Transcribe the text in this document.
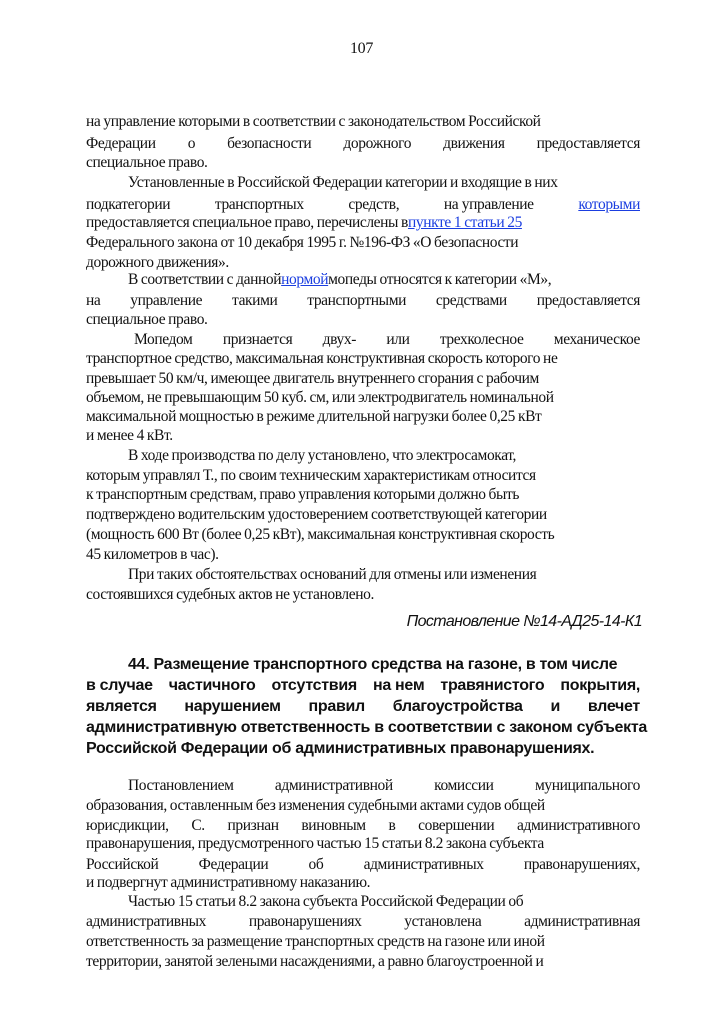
107
на управление которыми в соответствии с законодательством Российской
Федерации о безопасности дорожного движения предоставляется
специальное право.
Установленные в Российской Федерации категории и входящие в них
подкатегории	транспортных	средств,	на управление	которыми
предоставляется специальное право, перечислены впункте 1 статьи 25
Федерального закона от 10 декабря 1995 г. №196-ФЗ «О безопасности
дорожного движения».
В соответствии с даннойнормоймопеды относятся к категории «M»,
на управление такими транспортными средствами предоставляется
специальное право.
Мопедом признается двух- или трехколесное механическое
транспортное средство, максимальная конструктивная скорость которого не
превышает 50 км/ч, имеющее двигатель внутреннего сгорания с рабочим
объемом, не превышающим 50 куб. см, или электродвигатель номинальной
максимальной мощностью в режиме длительной нагрузки более 0,25 кВт
и менее 4 кВт.
В ходе производства по делу установлено, что электросамокат,
которым управлял Т., по своим техническим характеристикам относится
к транспортным средствам, право управления которыми должно быть
подтверждено водительским удостоверением соответствующей категории
(мощность 600 Вт (более 0,25 кВт), максимальная конструктивная скорость
45 километров в час).
При таких обстоятельствах оснований для отмены или изменения
состоявшихся судебных актов не установлено.
Постановление №14-АД25-14-К1
44. Размещение транспортного средства на газоне, в том числе
в случае частичного отсутствия на нем травянистого покрытия,
является нарушением правил благоустройства и влечет
административную ответственность в соответствии с законом субъекта
Российской Федерации об административных правонарушениях.
Постановлением	административной	комиссии	муниципального
образования, оставленным без изменения судебными актами судов общей
юрисдикции, С. признан виновным в совершении административного
правонарушения, предусмотренного частью 15 статьи 8.2 закона субъекта
Российской	Федерации	об	административных	правонарушениях,
и подвергнут административному наказанию.
Частью 15 статьи 8.2 закона субъекта Российской Федерации об
административных	правонарушениях	установлена	административная
ответственность за размещение транспортных средств на газоне или иной
территории, занятой зелеными насаждениями, а равно благоустроенной и
